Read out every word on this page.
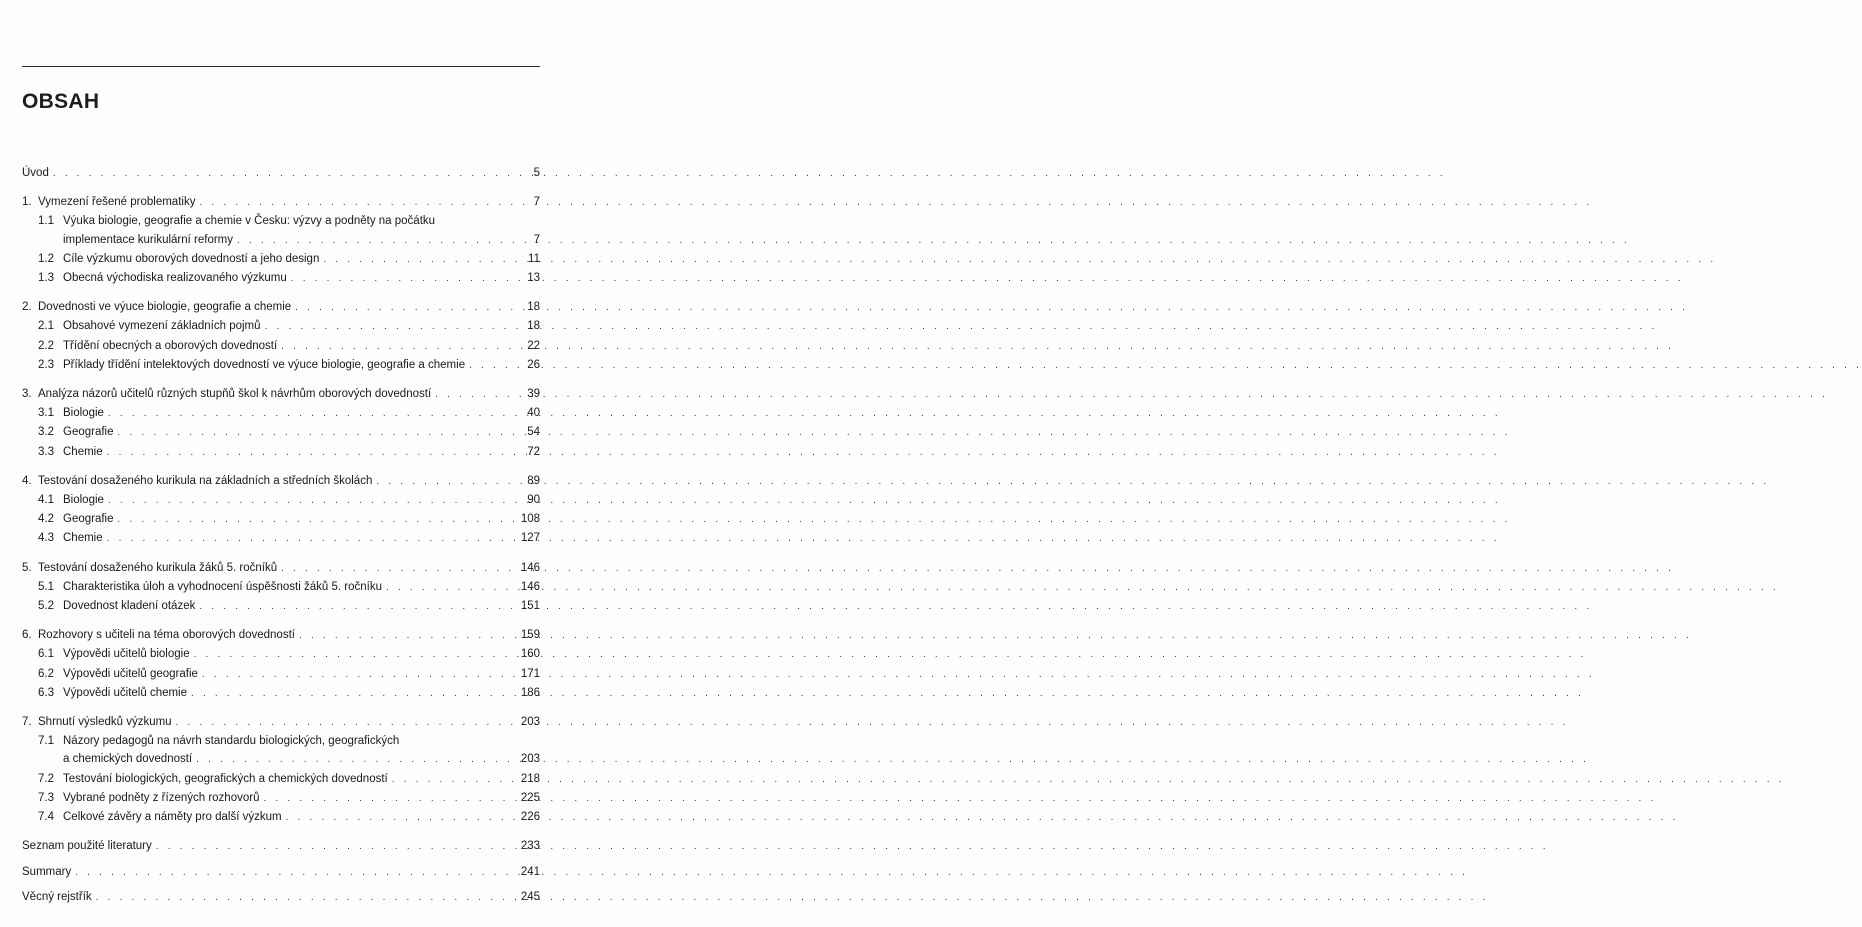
OBSAH
Úvod . . .	5
1. Vymezení řešené problematiky . . .	7
1.1 Výuka biologie, geografie a chemie v Česku: výzvy a podněty na počátku
implementace kurikulární reformy . . .	7
1.2 Cíle výzkumu oborových dovedností a jeho design . . .	11
1.3 Obecná východiska realizovaného výzkumu . . .	13
2. Dovednosti ve výuce biologie, geografie a chemie . . .	18
2.1 Obsahové vymezení základních pojmů . . .	18
2.2 Třídění obecných a oborových dovedností . . .	22
2.3 Příklady třídění intelektových dovedností ve výuce biologie, geografie a chemie . . .	26
3. Analýza názorů učitelů různých stupňů škol k návrhům oborových dovedností . . .	39
3.1 Biologie . . .	40
3.2 Geografie . . .	54
3.3 Chemie . . .	72
4. Testování dosaženého kurikula na základních a středních školách . . .	89
4.1 Biologie . . .	90
4.2 Geografie . . .	108
4.3 Chemie . . .	127
5. Testování dosaženého kurikula žáků 5. ročníků . . .	146
5.1 Charakteristika úloh a vyhodnocení úspěšnosti žáků 5. ročníku . . .	146
5.2 Dovednost kladení otázek . . .	151
6. Rozhovory s učiteli na téma oborových dovedností . . .	159
6.1 Výpovědi učitelů biologie . . .	160
6.2 Výpovědi učitelů geografie . . .	171
6.3 Výpovědi učitelů chemie . . .	186
7. Shrnutí výsledků výzkumu . . .	203
7.1 Názory pedagogů na návrh standardu biologických, geografických
a chemických dovedností . . .	203
7.2 Testování biologických, geografických a chemických dovedností . . .	218
7.3 Vybrané podněty z řízených rozhovorů . . .	225
7.4 Celkové závěry a náměty pro další výzkum . . .	226
Seznam použité literatury . . .	233
Summary . . .	241
Věcný rejstřík . . .	245
